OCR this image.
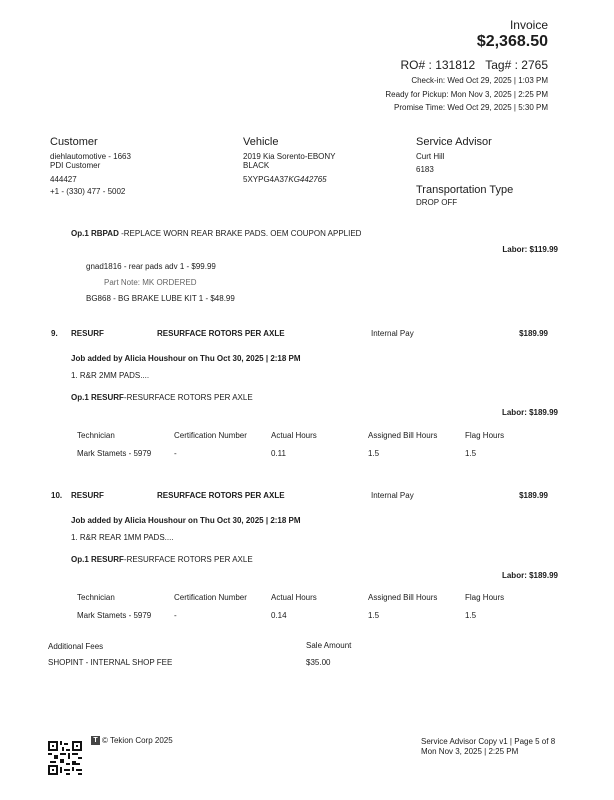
Invoice
$2,368.50
RO# : 131812 Tag# : 2765
Check-in: Wed Oct 29, 2025 | 1:03 PM
Ready for Pickup: Mon Nov 3, 2025 | 2:25 PM
Promise Time: Wed Oct 29, 2025 | 5:30 PM
Customer
diehlautomotive - 1663
PDI Customer
444427
+1 - (330) 477 - 5002
Vehicle
2019 Kia Sorento-EBONY
BLACK
5XYPG4A37KG442765
Service Advisor
Curt Hill
6183
Transportation Type
DROP OFF
Op.1 RBPAD -REPLACE WORN REAR BRAKE PADS. OEM COUPON APPLIED
Labor: $119.99
gnad1816 - rear pads adv 1 - $99.99
Part Note: MK ORDERED
BG868 - BG BRAKE LUBE KIT 1 - $48.99
9. RESURF	RESURFACE ROTORS PER AXLE	Internal Pay	$189.99
Job added by Alicia Houshour on Thu Oct 30, 2025 | 2:18 PM
1. R&R 2MM PADS....
Op.1 RESURF-RESURFACE ROTORS PER AXLE
Labor: $189.99
Technician	Certification Number	Actual Hours	Assigned Bill Hours	Flag Hours
Mark Stamets - 5979	-	0.11	1.5	1.5
10. RESURF	RESURFACE ROTORS PER AXLE	Internal Pay	$189.99
Job added by Alicia Houshour on Thu Oct 30, 2025 | 2:18 PM
1. R&R REAR 1MM PADS....
Op.1 RESURF-RESURFACE ROTORS PER AXLE
Labor: $189.99
Technician	Certification Number	Actual Hours	Assigned Bill Hours	Flag Hours
Mark Stamets - 5979	-	0.14	1.5	1.5
Additional Fees	Sale Amount
SHOPINT - INTERNAL SHOP FEE	$35.00
T © Tekion Corp 2025	Service Advisor Copy v1 | Page 5 of 8
Mon Nov 3, 2025 | 2:25 PM
